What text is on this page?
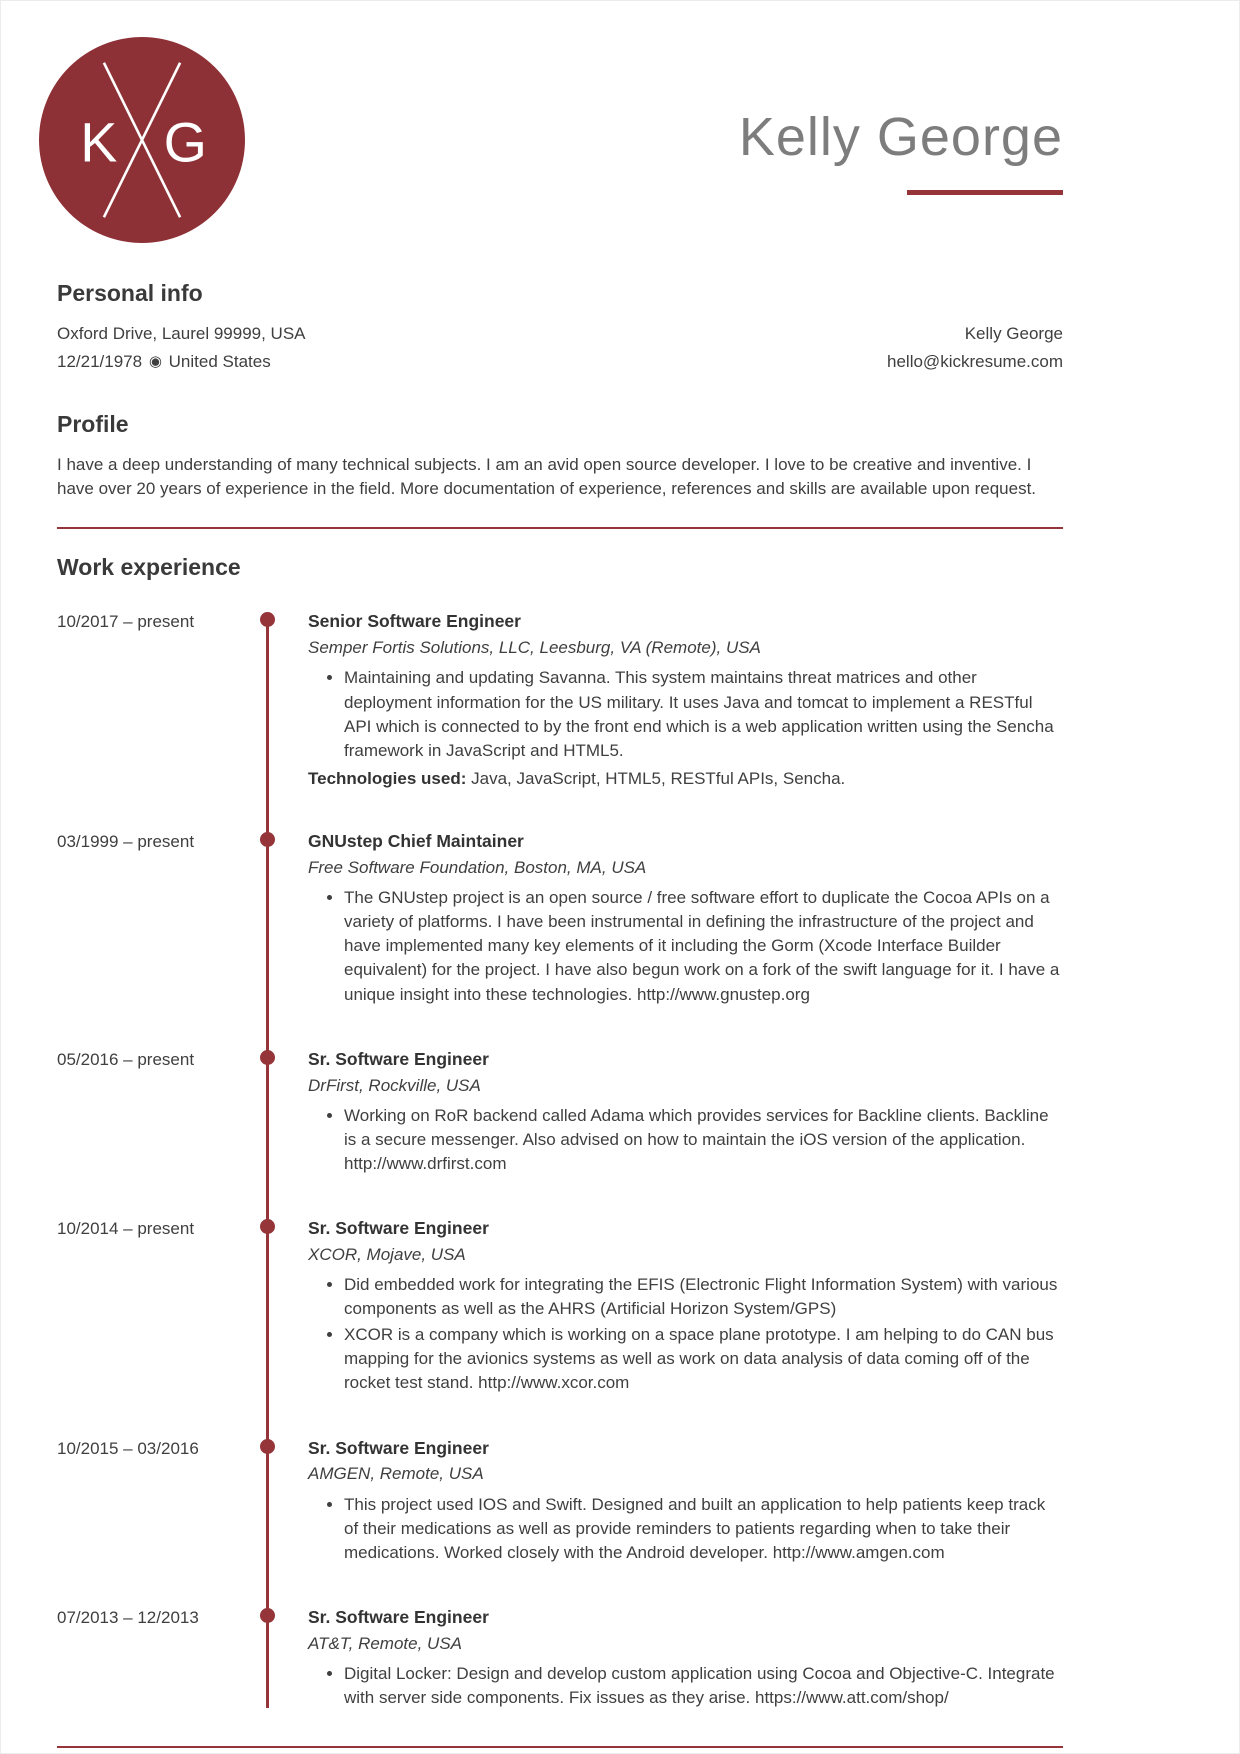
K G	Kelly George
Personal info

Oxford Drive, Laurel 99999, USA

12/21/1978 ◉ United States

Kelly George

hello@kickresume.com

Profile

I have a deep understanding of many technical subjects. I am an avid open source developer. I love to be creative and inventive. I have over 20 years of experience in the field. More documentation of experience, references and skills are available upon request.

Work experience
10/2017 – present	Senior Software Engineer

Semper Fortis Solutions, LLC, Leesburg, VA (Remote), USA

• Maintaining and updating Savanna. This system maintains threat matrices and other deployment information for the US military. It uses Java and tomcat to implement a RESTful API which is connected to by the front end which is a web application written using the Sencha framework in JavaScript and HTML5.

Technologies used: Java, JavaScript, HTML5, RESTful APIs, Sencha.

03/1999 – present	GNUstep Chief Maintainer

Free Software Foundation, Boston, MA, USA

• The GNUstep project is an open source / free software effort to duplicate the Cocoa APIs on a variety of platforms. I have been instrumental in defining the infrastructure of the project and have implemented many key elements of it including the Gorm (Xcode Interface Builder equivalent) for the project. I have also begun work on a fork of the swift language for it. I have a unique insight into these technologies. http://www.gnustep.org
05/2016 – present	Sr. Software Engineer

DrFirst, Rockville, USA

• Working on RoR backend called Adama which provides services for Backline clients. Backline is a secure messenger. Also advised on how to maintain the iOS version of the application. http://www.drfirst.com
10/2014 – present	Sr. Software Engineer

XCOR, Mojave, USA

• Did embedded work for integrating the EFIS (Electronic Flight Information System) with various components as well as the AHRS (Artificial Horizon System/GPS)
• XCOR is a company which is working on a space plane prototype. I am helping to do CAN bus mapping for the avionics systems as well as work on data analysis of data coming off of the rocket test stand. http://www.xcor.com
10/2015 – 03/2016	Sr. Software Engineer

AMGEN, Remote, USA

• This project used IOS and Swift. Designed and built an application to help patients keep track of their medications as well as provide reminders to patients regarding when to take their medications. Worked closely with the Android developer. http://www.amgen.com
07/2013 – 12/2013	Sr. Software Engineer

AT&T, Remote, USA

• Digital Locker: Design and develop custom application using Cocoa and Objective-C. Integrate with server side components. Fix issues as they arise. https://www.att.com/shop/
